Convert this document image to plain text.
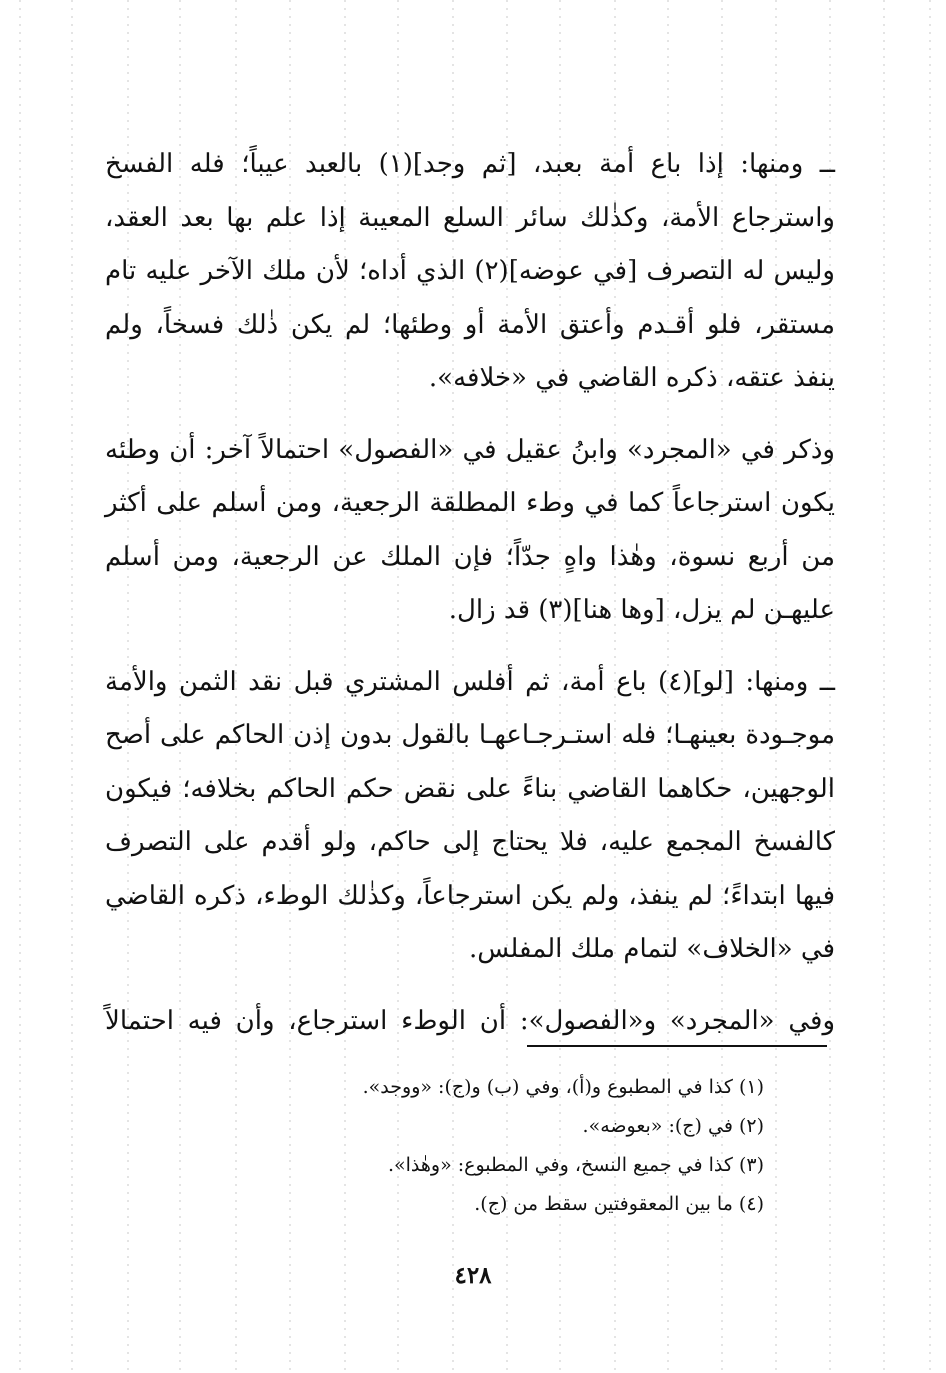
ــ ومنها: إذا باع أمة بعبد، [ثم وجد](١) بالعبد عيباً؛ فله الفسخ واسترجاع الأمة، وكذٰلك سائر السلع المعيبة إذا علم بها بعد العقد، وليس له التصرف [في عوضه](٢) الذي أداه؛ لأن ملك الآخر عليه تام مستقر، فلو أقـدم وأعتق الأمة أو وطئها؛ لم يكن ذٰلك فسخاً، ولم ينفذ عتقه، ذكره القاضي في «خلافه».

وذكر في «المجرد» وابنُ عقيل في «الفصول» احتمالاً آخر: أن وطئه يكون استرجاعاً كما في وطء المطلقة الرجعية، ومن أسلم على أكثر من أربع نسوة، وهٰذا واهٍ جدّاً؛ فإن الملك عن الرجعية، ومن أسلم عليهـن لم يزل، [وها هنا](٣) قد زال.

ــ ومنها: [لو](٤) باع أمة، ثم أفلس المشتري قبل نقد الثمن والأمة موجـودة بعينهـا؛ فله استـرجـاعهـا بالقول بدون إذن الحاكم على أصح الوجهين، حكاهما القاضي بناءً على نقض حكم الحاكم بخلافه؛ فيكون كالفسخ المجمع عليه، فلا يحتاج إلى حاكم، ولو أقدم على التصرف فيها ابتداءً؛ لم ينفذ، ولم يكن استرجاعاً، وكذٰلك الوطء، ذكره القاضي في «الخلاف» لتمام ملك المفلس.

وفي «المجرد» و«الفصول»: أن الوطء استرجاع، وأن فيه احتمالاً

(١) كذا في المطبوع و(أ)، وفي (ب) و(ج): «ووجد».

(٢) في (ج): «بعوضه».

(٣) كذا في جميع النسخ، وفي المطبوع: «وهٰذا».

(٤) ما بين المعقوفتين سقط من (ج).

٤٢٨
